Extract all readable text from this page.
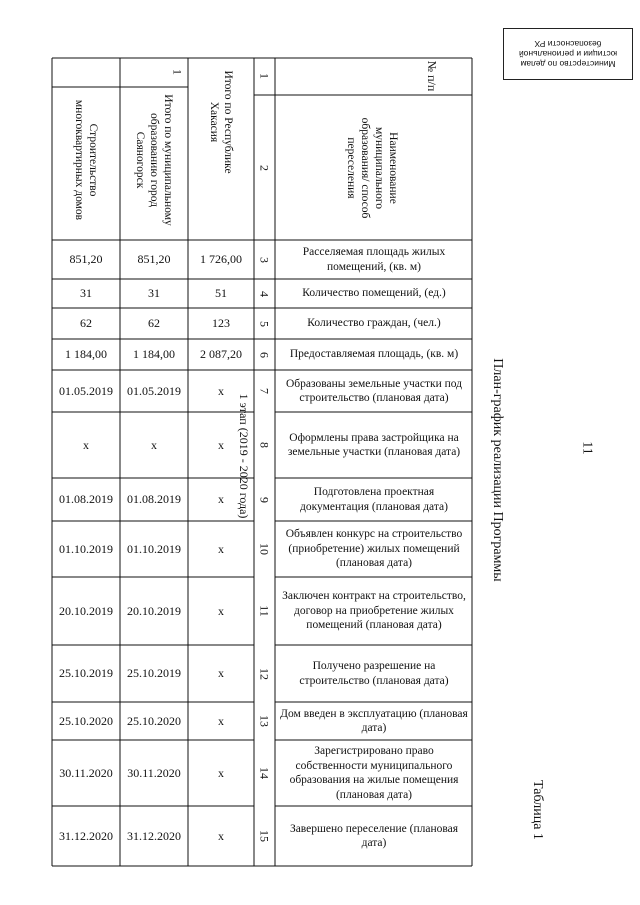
Министерство по делам
юстиции и региональной
безопасности РХ
11
План-график реализации Программы
Таблица 1
№ п/п
1
2	Наименование муниципального образования/ способ переселения
1	Итого по Республике Хакасия
Итого по муниципальному образованию город Саяногорск
Строительство многоквартирных домов
1 этап (2019 - 2020 года)
Расселяемая площадь жилых помещений, (кв. м)
3
1 726,00
851,20
851,20
Количество помещений, (ед.)
4
51
31
31
Количество граждан, (чел.)
5
123
62
62
Предоставляемая площадь, (кв. м)
6
2 087,20
1 184,00
1 184,00
Образованы земельные участки под строительство (плановая дата)
7
x
01.05.2019
01.05.2019
Оформлены права застройщика на земельные участки (плановая дата)
8
x
x
x
Подготовлена проектная документация (плановая дата)
9
x
01.08.2019
01.08.2019
Объявлен конкурс на строительство (приобретение) жилых помещений (плановая дата)
10
x
01.10.2019
01.10.2019
Заключен контракт на строительство, договор на приобретение жилых помещений (плановая дата)
11
x
20.10.2019
20.10.2019
Получено разрешение на строительство (плановая дата)
12
x
25.10.2019
25.10.2019
Дом введен в эксплуатацию (плановая дата)
13
x
25.10.2020
25.10.2020
Зарегистрировано право собственности муниципального образования на жилые помещения (плановая дата)
14
x
30.11.2020
30.11.2020
Завершено переселение (плановая дата)
15
x
31.12.2020
31.12.2020
